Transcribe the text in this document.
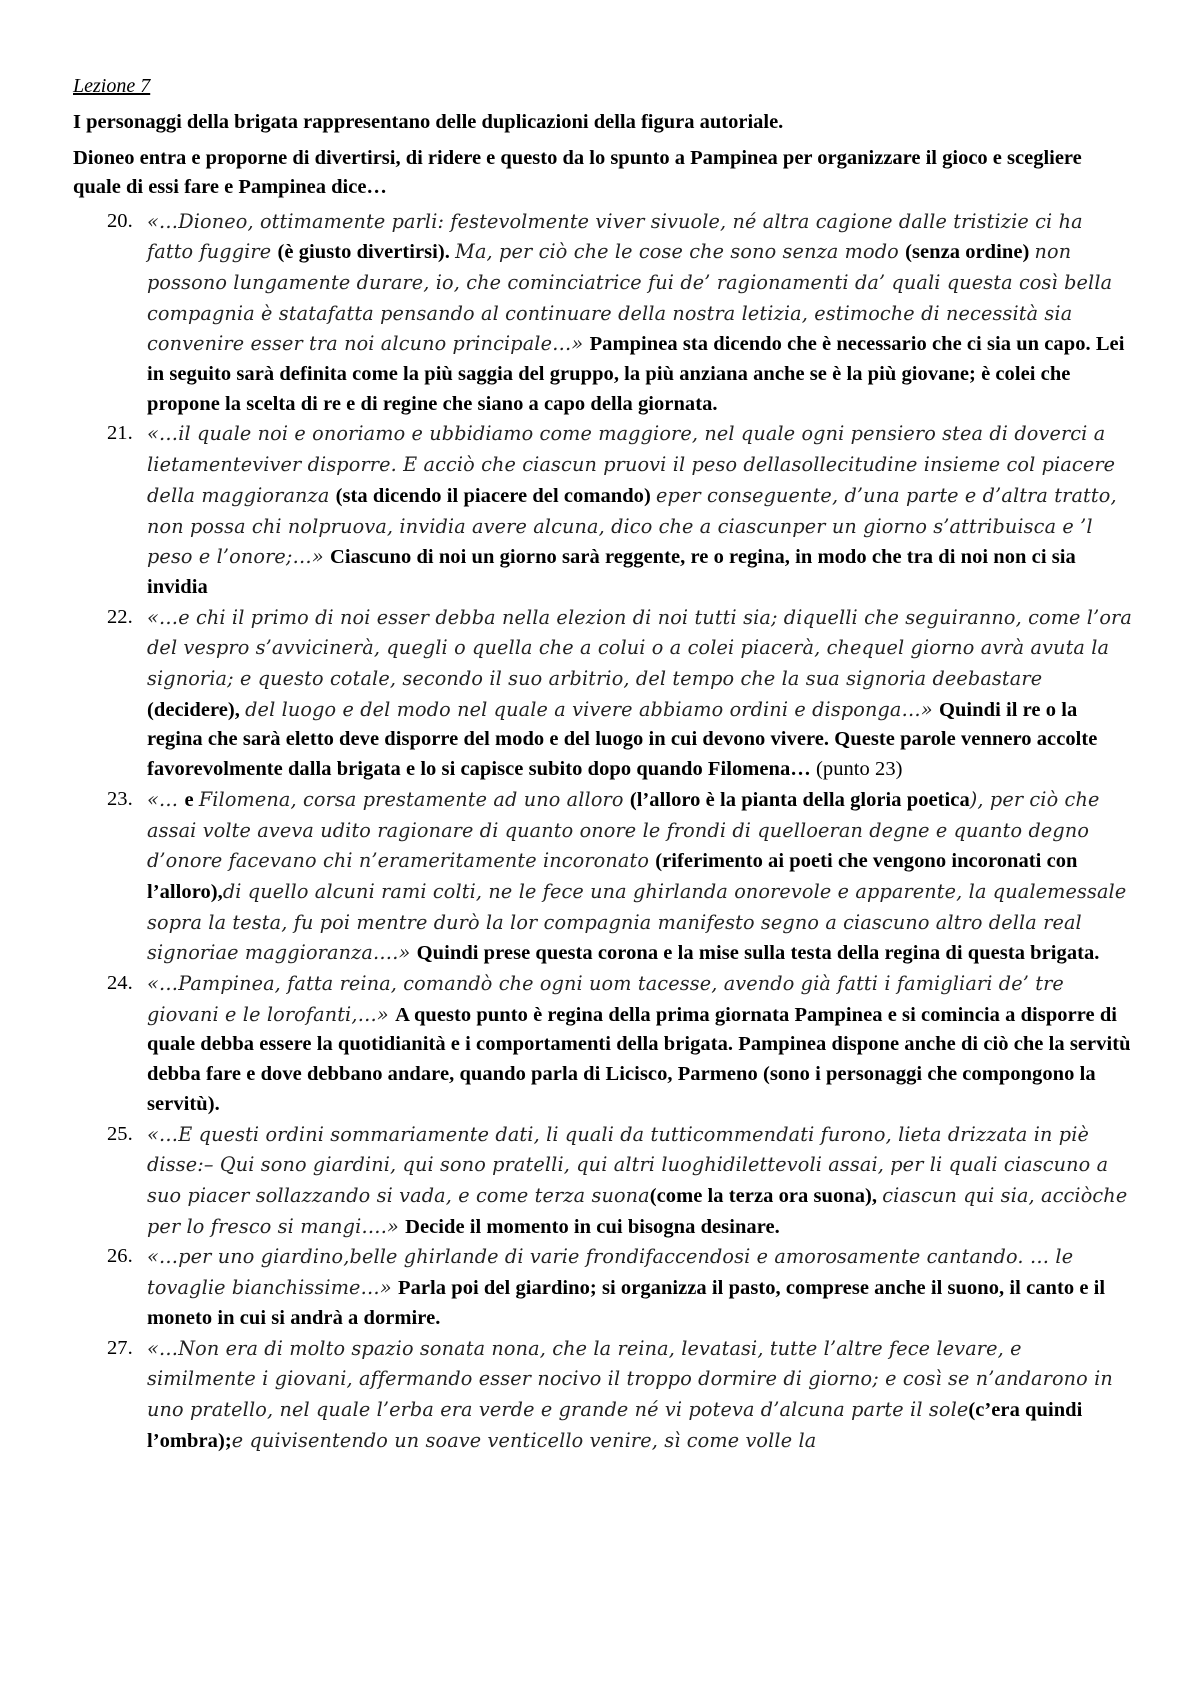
Lezione 7

I personaggi della brigata rappresentano delle duplicazioni della figura autoriale.

Dioneo entra e proporne di divertirsi, di ridere e questo da lo spunto a Pampinea per organizzare il gioco e scegliere quale di essi fare e Pampinea dice…

20. «…Dioneo, ottimamente parli: festevolmente viver sivuole, né altra cagione dalle tristizie ci ha fatto fuggire (è giusto divertirsi). Ma, per ciò che le cose che sono senza modo (senza ordine) non possono lungamente durare, io, che cominciatrice fui de’ ragionamenti da’ quali questa così bella compagnia è statafatta pensando al continuare della nostra letizia, estimoche di necessità sia convenire esser tra noi alcuno principale…» Pampinea sta dicendo che è necessario che ci sia un capo. Lei in seguito sarà definita come la più saggia del gruppo, la più anziana anche se è la più giovane; è colei che propone la scelta di re e di regine che siano a capo della giornata.
21. «…il quale noi e onoriamo e ubbidiamo come maggiore, nel quale ogni pensiero stea di doverci a lietamenteviver disporre. E acciò che ciascun pruovi il peso dellasollecitudine insieme col piacere della maggioranza (sta dicendo il piacere del comando) eper conseguente, d’una parte e d’altra tratto, non possa chi nolpruova, invidia avere alcuna, dico che a ciascunper un giorno s’attribuisca e ’l peso e l’onore;…» Ciascuno di noi un giorno sarà reggente, re o regina, in modo che tra di noi non ci sia invidia
22. «…e chi il primo di noi esser debba nella elezion di noi tutti sia; diquelli che seguiranno, come l’ora del vespro s’avvicinerà, quegli o quella che a colui o a colei piacerà, chequel giorno avrà avuta la signoria; e questo cotale, secondo il suo arbitrio, del tempo che la sua signoria deebastare (decidere), del luogo e del modo nel quale a vivere abbiamo ordini e disponga…» Quindi il re o la regina che sarà eletto deve disporre del modo e del luogo in cui devono vivere. Queste parole vennero accolte favorevolmente dalla brigata e lo si capisce subito dopo quando Filomena… (punto 23)
23. «… e Filomena, corsa prestamente ad uno alloro (l’alloro è la pianta della gloria poetica), per ciò che assai volte aveva udito ragionare di quanto onore le frondi di quelloeran degne e quanto degno d’onore facevano chi n’erameritamente incoronato (riferimento ai poeti che vengono incoronati con l’alloro),di quello alcuni rami colti, ne le fece una ghirlanda onorevole e apparente, la qualemessale sopra la testa, fu poi mentre durò la lor compagnia manifesto segno a ciascuno altro della real signoriae maggioranza….» Quindi prese questa corona e la mise sulla testa della regina di questa brigata.
24. «…Pampinea, fatta reina, comandò che ogni uom tacesse, avendo già fatti i famigliari de’ tre giovani e le lorofanti,…» A questo punto è regina della prima giornata Pampinea e si comincia a disporre di quale debba essere la quotidianità e i comportamenti della brigata. Pampinea dispone anche di ciò che la servitù debba fare e dove debbano andare, quando parla di Licisco, Parmeno (sono i personaggi che compongono la servitù).
25. «…E questi ordini sommariamente dati, li quali da tutticommendati furono, lieta drizzata in piè disse:– Qui sono giardini, qui sono pratelli, qui altri luoghidilettevoli assai, per li quali ciascuno a suo piacer sollazzando si vada, e come terza suona(come la terza ora suona), ciascun qui sia, acciòche per lo fresco si mangi….» Decide il momento in cui bisogna desinare.
26. «…per uno giardino,belle ghirlande di varie frondifaccendosi e amorosamente cantando. … le tovaglie bianchissime…» Parla poi del giardino; si organizza il pasto, comprese anche il suono, il canto e il moneto in cui si andrà a dormire.
27. «…Non era di molto spazio sonata nona, che la reina, levatasi, tutte l’altre fece levare, e similmente i giovani, affermando esser nocivo il troppo dormire di giorno; e così se n’andarono in uno pratello, nel quale l’erba era verde e grande né vi poteva d’alcuna parte il sole(c’era quindi l’ombra);e quivisentendo un soave venticello venire, sì come volle la
